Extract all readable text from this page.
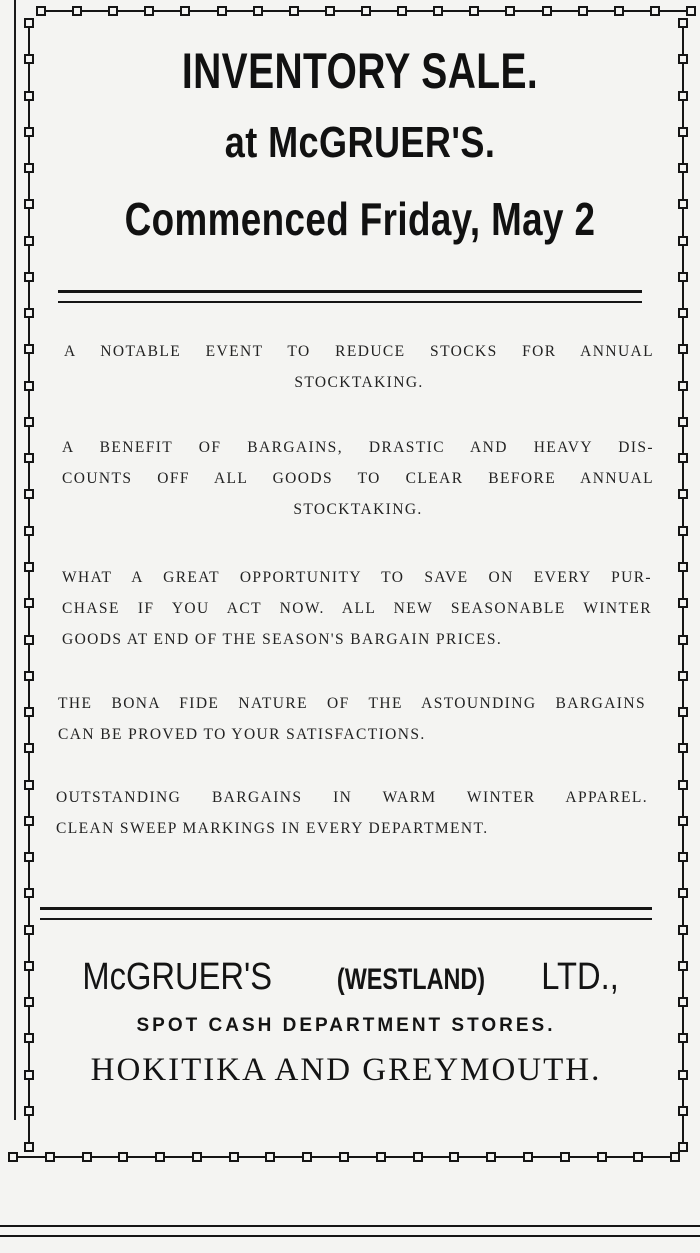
INVENTORY SALE.
at McGRUER'S.
Commenced Friday, May 2
A NOTABLE EVENT TO REDUCE STOCKS FOR ANNUAL
STOCKTAKING.
A BENEFIT OF BARGAINS, DRASTIC AND HEAVY DIS-
COUNTS OFF ALL GOODS TO CLEAR BEFORE ANNUAL
STOCKTAKING.
WHAT A GREAT OPPORTUNITY TO SAVE ON EVERY PUR-
CHASE IF YOU ACT NOW. ALL NEW SEASONABLE WINTER
GOODS AT END OF THE SEASON'S BARGAIN PRICES.
THE BONA FIDE NATURE OF THE ASTOUNDING BARGAINS
CAN BE PROVED TO YOUR SATISFACTIONS.
OUTSTANDING BARGAINS IN WARM WINTER APPAREL.
CLEAN SWEEP MARKINGS IN EVERY DEPARTMENT.
McGRUER'S (WESTLAND) LTD.,
SPOT CASH DEPARTMENT STORES.
HOKITIKA AND GREYMOUTH.
